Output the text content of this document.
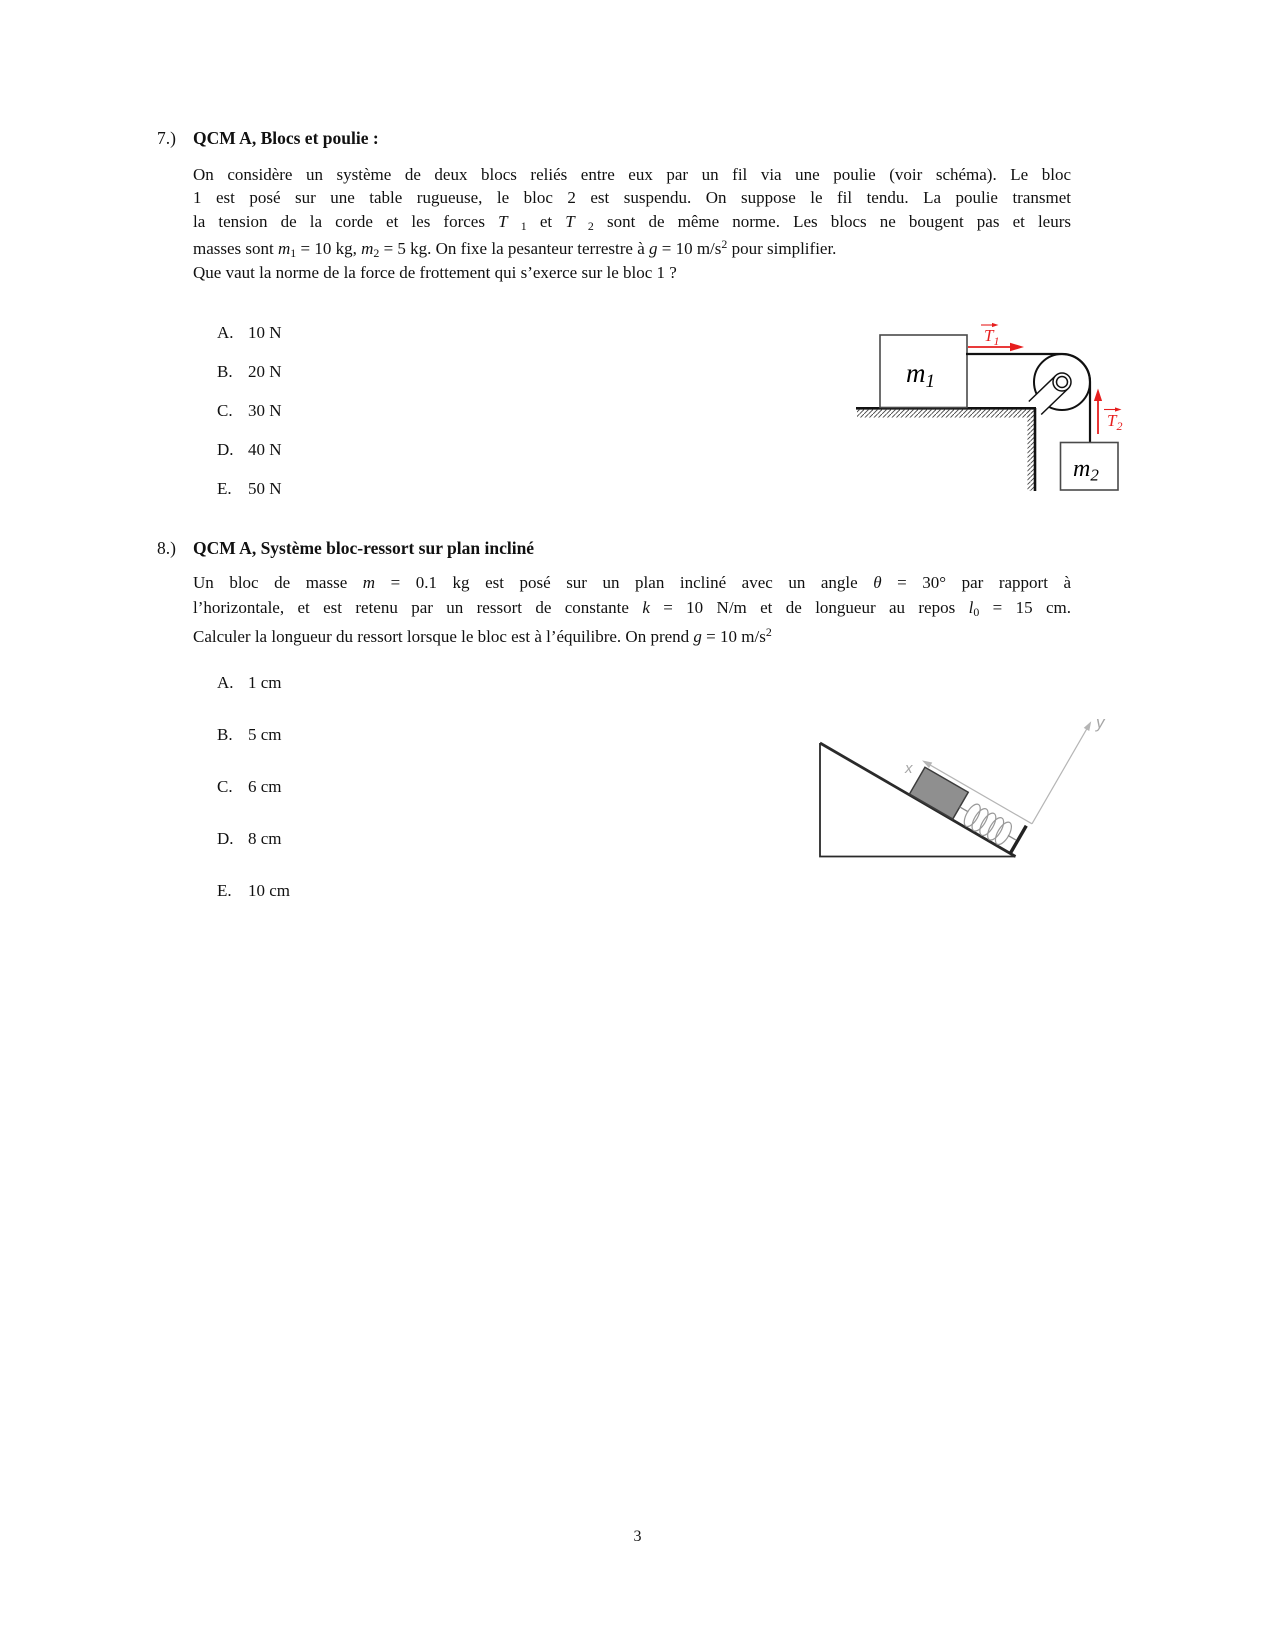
7.) QCM A, Blocs et poulie :
On considère un système de deux blocs reliés entre eux par un fil via une poulie (voir schéma). Le bloc
1 est posé sur une table rugueuse, le bloc 2 est suspendu. On suppose le fil tendu. La poulie transmet
la tension de la corde et les forces T⃗1 et T⃗2 sont de même norme. Les blocs ne bougent pas et leurs
masses sont m1 = 10 kg, m2 = 5 kg. On fixe la pesanteur terrestre à g = 10 $m/s^2$ pour simplifier.
Que vaut la norme de la force de frottement qui s’exerce sur le bloc 1 ?
A. 10 N
B. 20 N
C. 30 N
D. 40 N
E. 50 N
m1
m2
$T_1$
$T_2$
8.) QCM A, Système bloc-ressort sur plan incliné
Un bloc de masse m = 0.1 kg est posé sur un plan incliné avec un angle θ = 30° par rapport à
l’horizontale, et est retenu par un ressort de constante k = 10 N/m et de longueur au repos l0 = 15 cm.
Calculer la longueur du ressort lorsque le bloc est à l’équilibre. On prend g = 10 $m/s^2$
A. 1 cm
B. 5 cm
C. 6 cm
D. 8 cm
E. 10 cm
x
y
3
